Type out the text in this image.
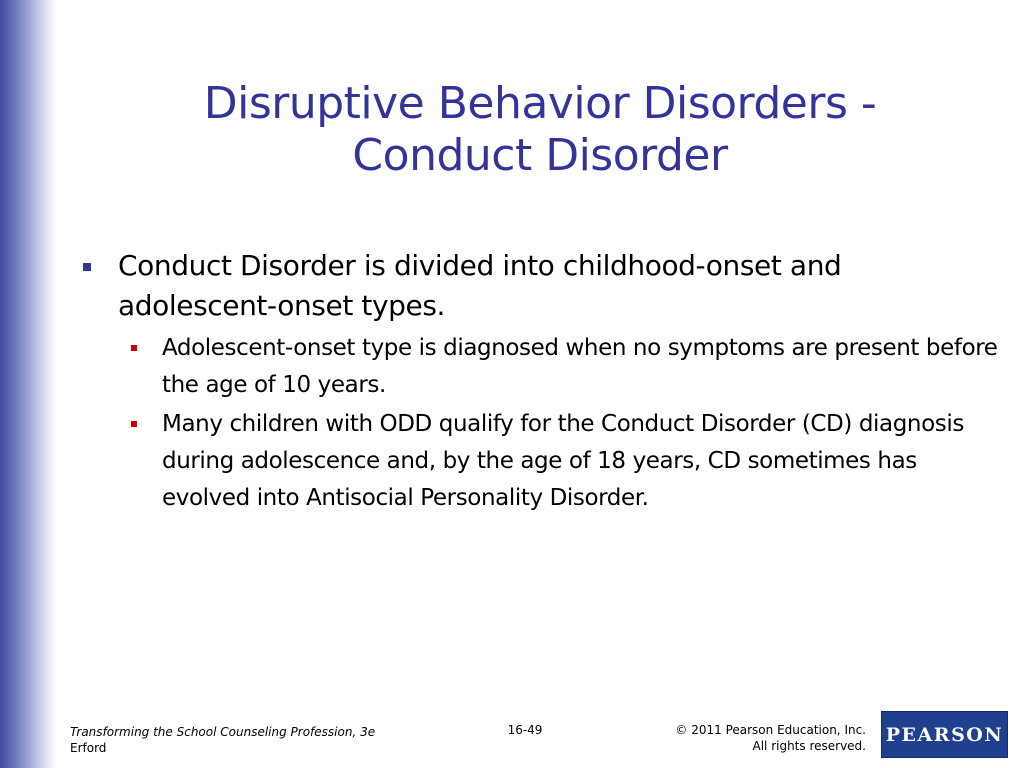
Disruptive Behavior Disorders -
Conduct Disorder
Conduct Disorder is divided into childhood-onset and adolescent-onset types.
Adolescent-onset type is diagnosed when no symptoms are present before the age of 10 years.
Many children with ODD qualify for the Conduct Disorder (CD) diagnosis during adolescence and, by the age of 18 years, CD sometimes has evolved into Antisocial Personality Disorder.
Transforming the School Counseling Profession, 3e
Erford
16-49	© 2011 Pearson Education, Inc.
All rights reserved.
PEARSON
